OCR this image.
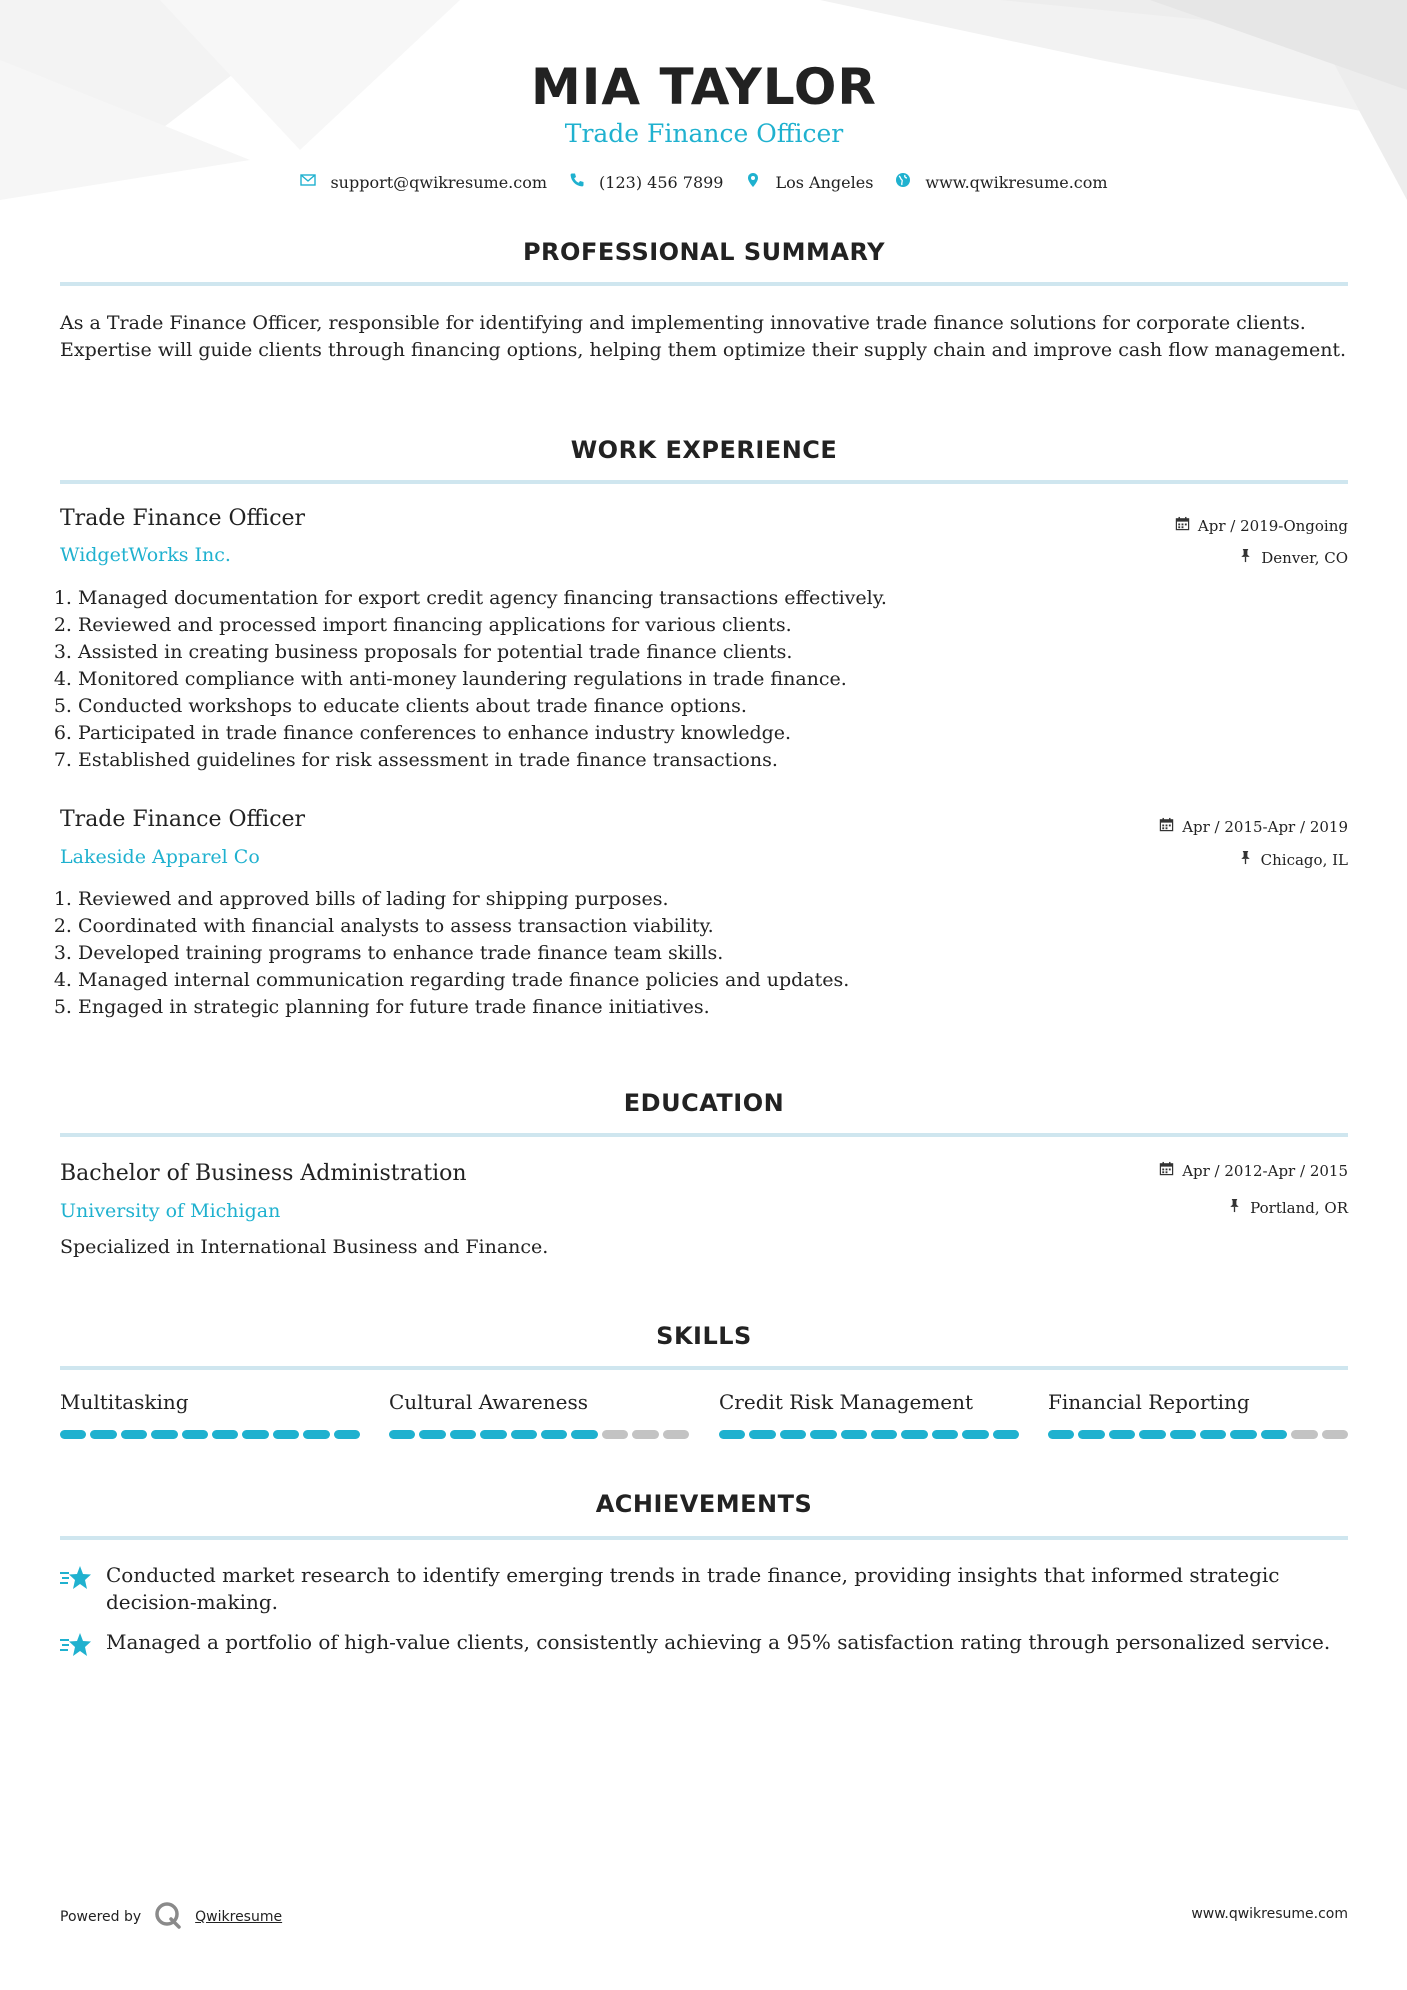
MIA TAYLOR
Trade Finance Officer
support@qwikresume.com	(123) 456 7899	Los Angeles	www.qwikresume.com
PROFESSIONAL SUMMARY
As a Trade Finance Officer, responsible for identifying and implementing innovative trade finance solutions for corporate clients. Expertise will guide clients through financing options, helping them optimize their supply chain and improve cash flow management.
WORK EXPERIENCE
Trade Finance Officer
WidgetWorks Inc.
Apr / 2019-Ongoing
Denver, CO
1. Managed documentation for export credit agency financing transactions effectively.
2. Reviewed and processed import financing applications for various clients.
3. Assisted in creating business proposals for potential trade finance clients.
4. Monitored compliance with anti-money laundering regulations in trade finance.
5. Conducted workshops to educate clients about trade finance options.
6. Participated in trade finance conferences to enhance industry knowledge.
7. Established guidelines for risk assessment in trade finance transactions.
Trade Finance Officer
Lakeside Apparel Co
Apr / 2015-Apr / 2019
Chicago, IL
1. Reviewed and approved bills of lading for shipping purposes.
2. Coordinated with financial analysts to assess transaction viability.
3. Developed training programs to enhance trade finance team skills.
4. Managed internal communication regarding trade finance policies and updates.
5. Engaged in strategic planning for future trade finance initiatives.
EDUCATION
Bachelor of Business Administration
University of Michigan
Apr / 2012-Apr / 2015
Portland, OR
Specialized in International Business and Finance.
SKILLS
Multitasking	Cultural Awareness	Credit Risk Management	Financial Reporting
ACHIEVEMENTS
Conducted market research to identify emerging trends in trade finance, providing insights that informed strategic decision-making.
Managed a portfolio of high-value clients, consistently achieving a 95% satisfaction rating through personalized service.
Powered by	Qwikresume	www.qwikresume.com
